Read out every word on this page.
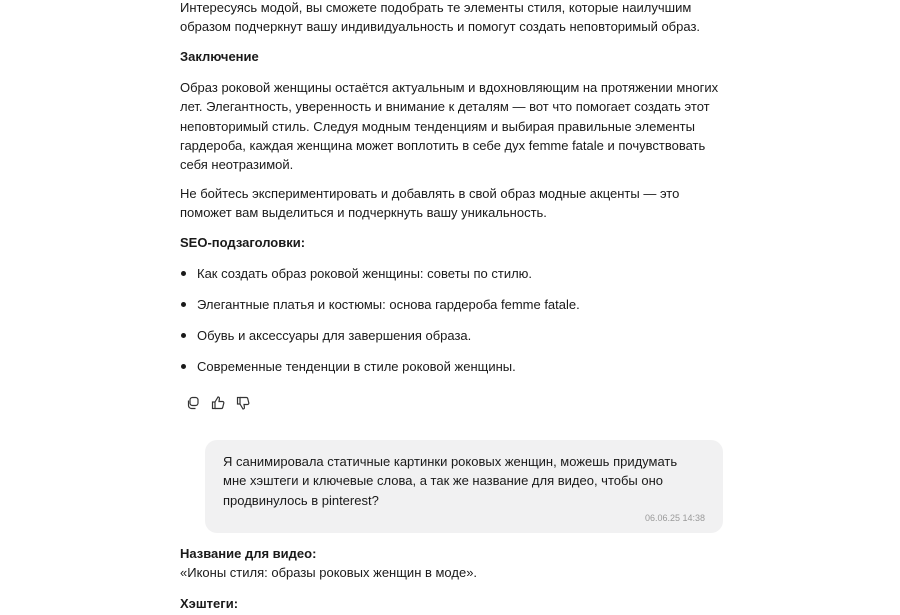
Интересуясь модой, вы сможете подобрать те элементы стиля, которые наилучшим образом подчеркнут вашу индивидуальность и помогут создать неповторимый образ.

Заключение

Образ роковой женщины остаётся актуальным и вдохновляющим на протяжении многих лет. Элегантность, уверенность и внимание к деталям — вот что помогает создать этот неповторимый стиль. Следуя модным тенденциям и выбирая правильные элементы гардероба, каждая женщина может воплотить в себе дух femme fatale и почувствовать себя неотразимой.

Не бойтесь экспериментировать и добавлять в свой образ модные акценты — это поможет вам выделиться и подчеркнуть вашу уникальность.

SEO-подзаголовки:

Как создать образ роковой женщины: советы по стилю.
Элегантные платья и костюмы: основа гардероба femme fatale.
Обувь и аксессуары для завершения образа.
Современные тенденции в стиле роковой женщины.

Я санимировала статичные картинки роковых женщин, можешь придумать мне хэштеги и ключевые слова, а так же название для видео, чтобы оно продвинулось в pinterest?

06.06.25 14:38

Название для видео:

«Иконы стиля: образы роковых женщин в моде».

Хэштеги:
